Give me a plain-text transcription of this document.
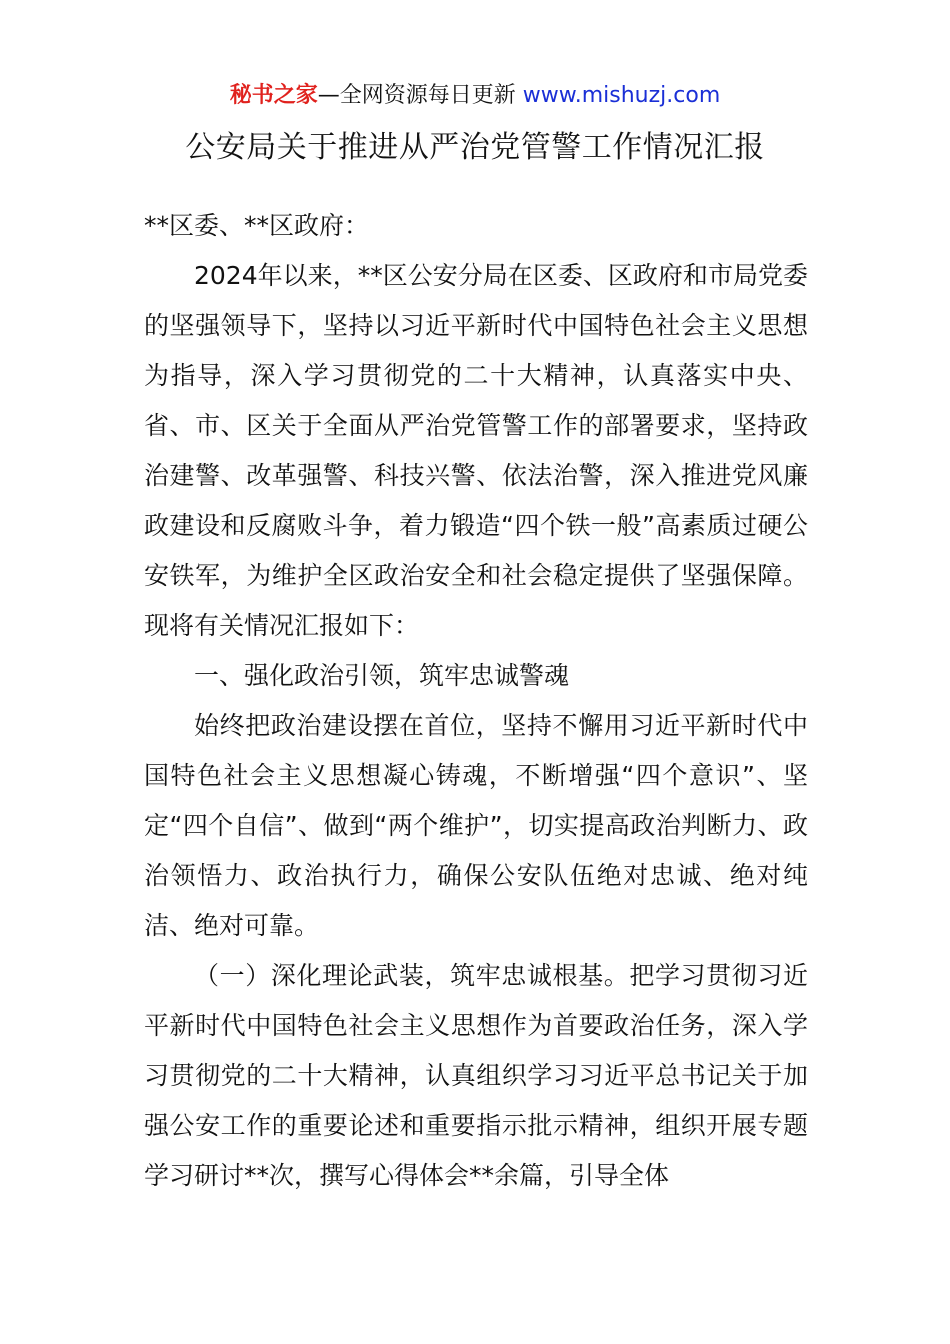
秘书之家—全网资源每日更新 www.mishuzj.com
公安局关于推进从严治党管警工作情况汇报

**区委、**区政府：

2024年以来，**区公安分局在区委、区政府和市局党委的坚强领导下，坚持以习近平新时代中国特色社会主义思想为指导，深入学习贯彻党的二十大精神，认真落实中央、省、市、区关于全面从严治党管警工作的部署要求，坚持政治建警、改革强警、科技兴警、依法治警，深入推进党风廉政建设和反腐败斗争，着力锻造“四个铁一般”高素质过硬公安铁军，为维护全区政治安全和社会稳定提供了坚强保障。现将有关情况汇报如下：

一、强化政治引领，筑牢忠诚警魂

始终把政治建设摆在首位，坚持不懈用习近平新时代中国特色社会主义思想凝心铸魂，不断增强“四个意识”、坚定“四个自信”、做到“两个维护”，切实提高政治判断力、政治领悟力、政治执行力，确保公安队伍绝对忠诚、绝对纯洁、绝对可靠。

（一）深化理论武装，筑牢忠诚根基。把学习贯彻习近平新时代中国特色社会主义思想作为首要政治任务，深入学习贯彻党的二十大精神，认真组织学习习近平总书记关于加强公安工作的重要论述和重要指示批示精神，组织开展专题学习研讨**次，撰写心得体会**余篇，引导全体
